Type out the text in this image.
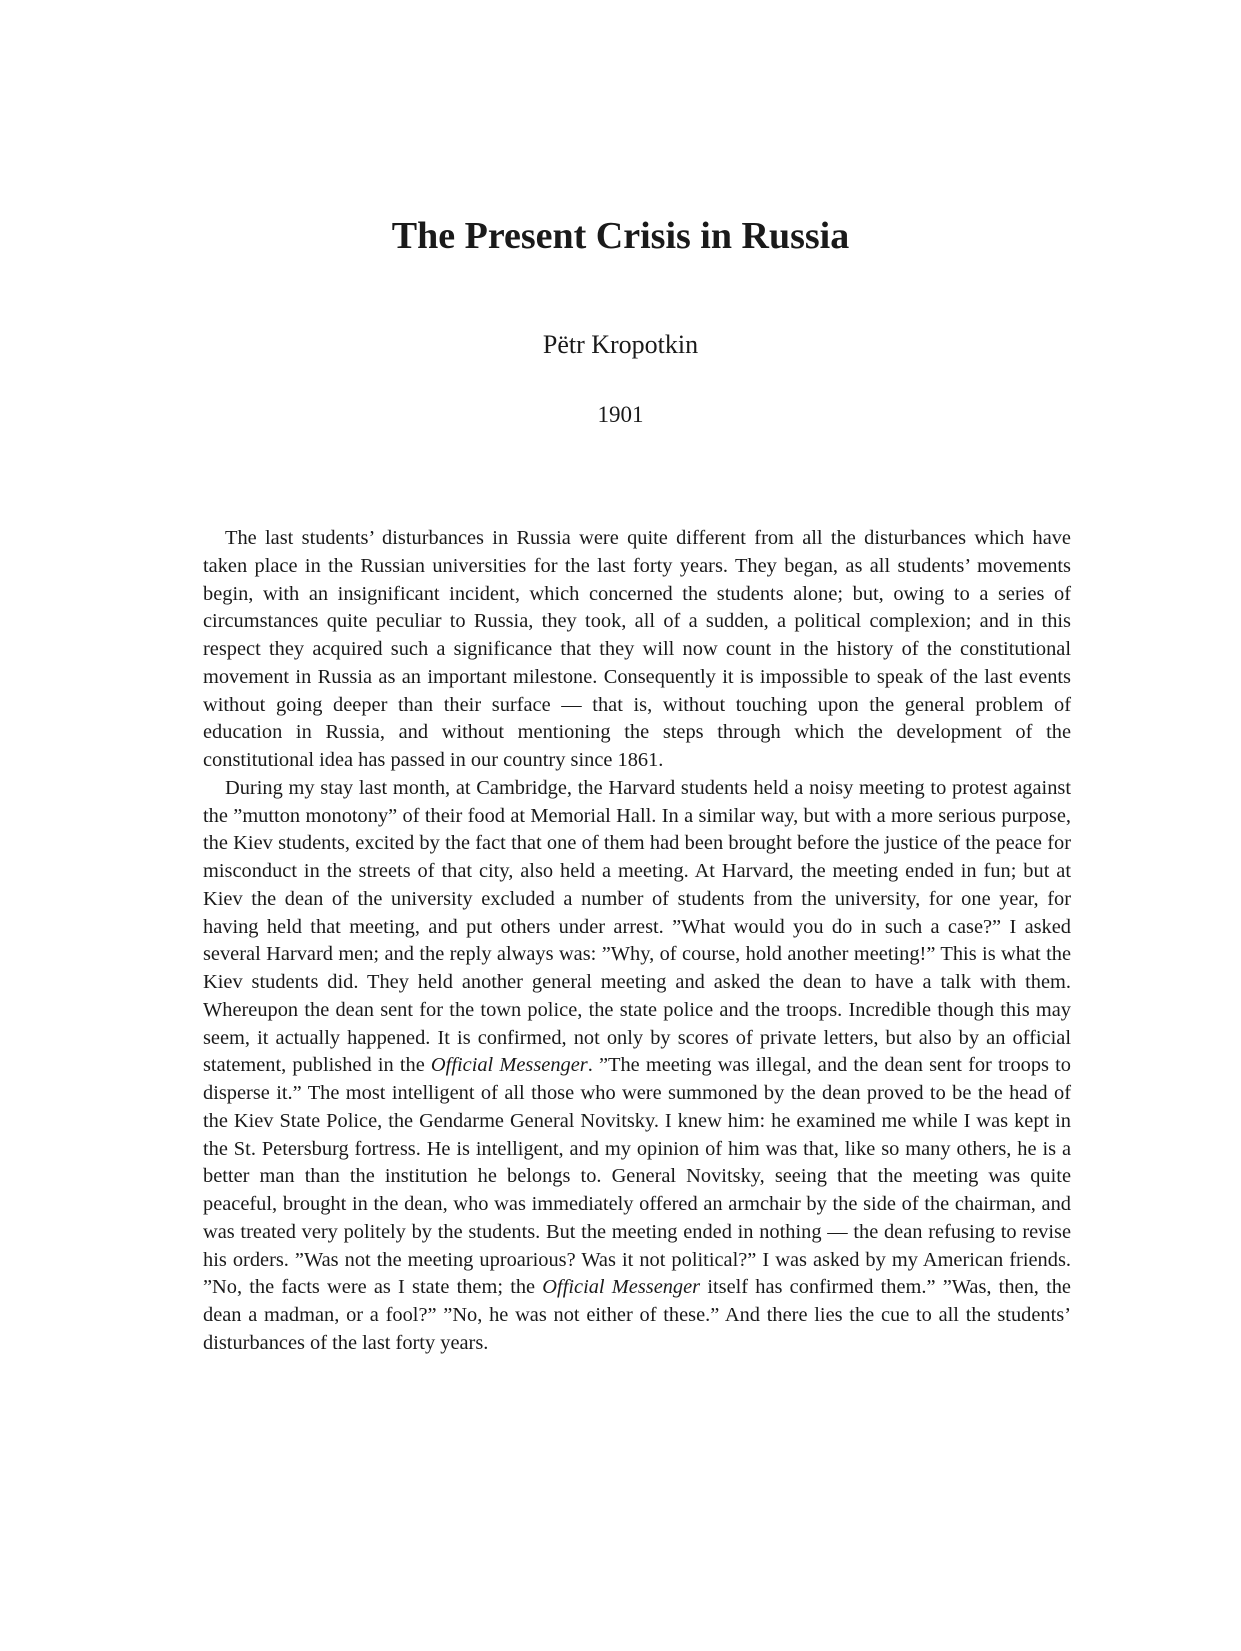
The Present Crisis in Russia
Pëtr Kropotkin
1901

The last students’ disturbances in Russia were quite different from all the disturbances which have taken place in the Russian universities for the last forty years. They began, as all students’ movements begin, with an insignificant incident, which concerned the students alone; but, owing to a series of circumstances quite peculiar to Russia, they took, all of a sudden, a political complexion; and in this respect they acquired such a significance that they will now count in the history of the constitutional movement in Russia as an important milestone. Consequently it is impossible to speak of the last events without going deeper than their surface — that is, without touching upon the general problem of education in Russia, and without mentioning the steps through which the development of the constitutional idea has passed in our country since 1861.

During my stay last month, at Cambridge, the Harvard students held a noisy meeting to protest against the ”mutton monotony” of their food at Memorial Hall. In a similar way, but with a more serious purpose, the Kiev students, excited by the fact that one of them had been brought before the justice of the peace for misconduct in the streets of that city, also held a meeting. At Harvard, the meeting ended in fun; but at Kiev the dean of the university excluded a number of students from the university, for one year, for having held that meeting, and put others under arrest. ”What would you do in such a case?” I asked several Harvard men; and the reply always was: ”Why, of course, hold another meeting!” This is what the Kiev students did. They held another general meeting and asked the dean to have a talk with them. Whereupon the dean sent for the town police, the state police and the troops. Incredible though this may seem, it actually happened. It is confirmed, not only by scores of private letters, but also by an official statement, published in the Official Messenger. ”The meeting was illegal, and the dean sent for troops to disperse it.” The most intelligent of all those who were summoned by the dean proved to be the head of the Kiev State Police, the Gendarme General Novitsky. I knew him: he examined me while I was kept in the St. Petersburg fortress. He is intelligent, and my opinion of him was that, like so many others, he is a better man than the institution he belongs to. General Novitsky, seeing that the meeting was quite peaceful, brought in the dean, who was immediately offered an armchair by the side of the chairman, and was treated very politely by the students. But the meeting ended in nothing — the dean refusing to revise his orders. ”Was not the meeting uproarious? Was it not political?” I was asked by my American friends. ”No, the facts were as I state them; the Official Messenger itself has confirmed them.” ”Was, then, the dean a madman, or a fool?” ”No, he was not either of these.” And there lies the cue to all the students’ disturbances of the last forty years.
